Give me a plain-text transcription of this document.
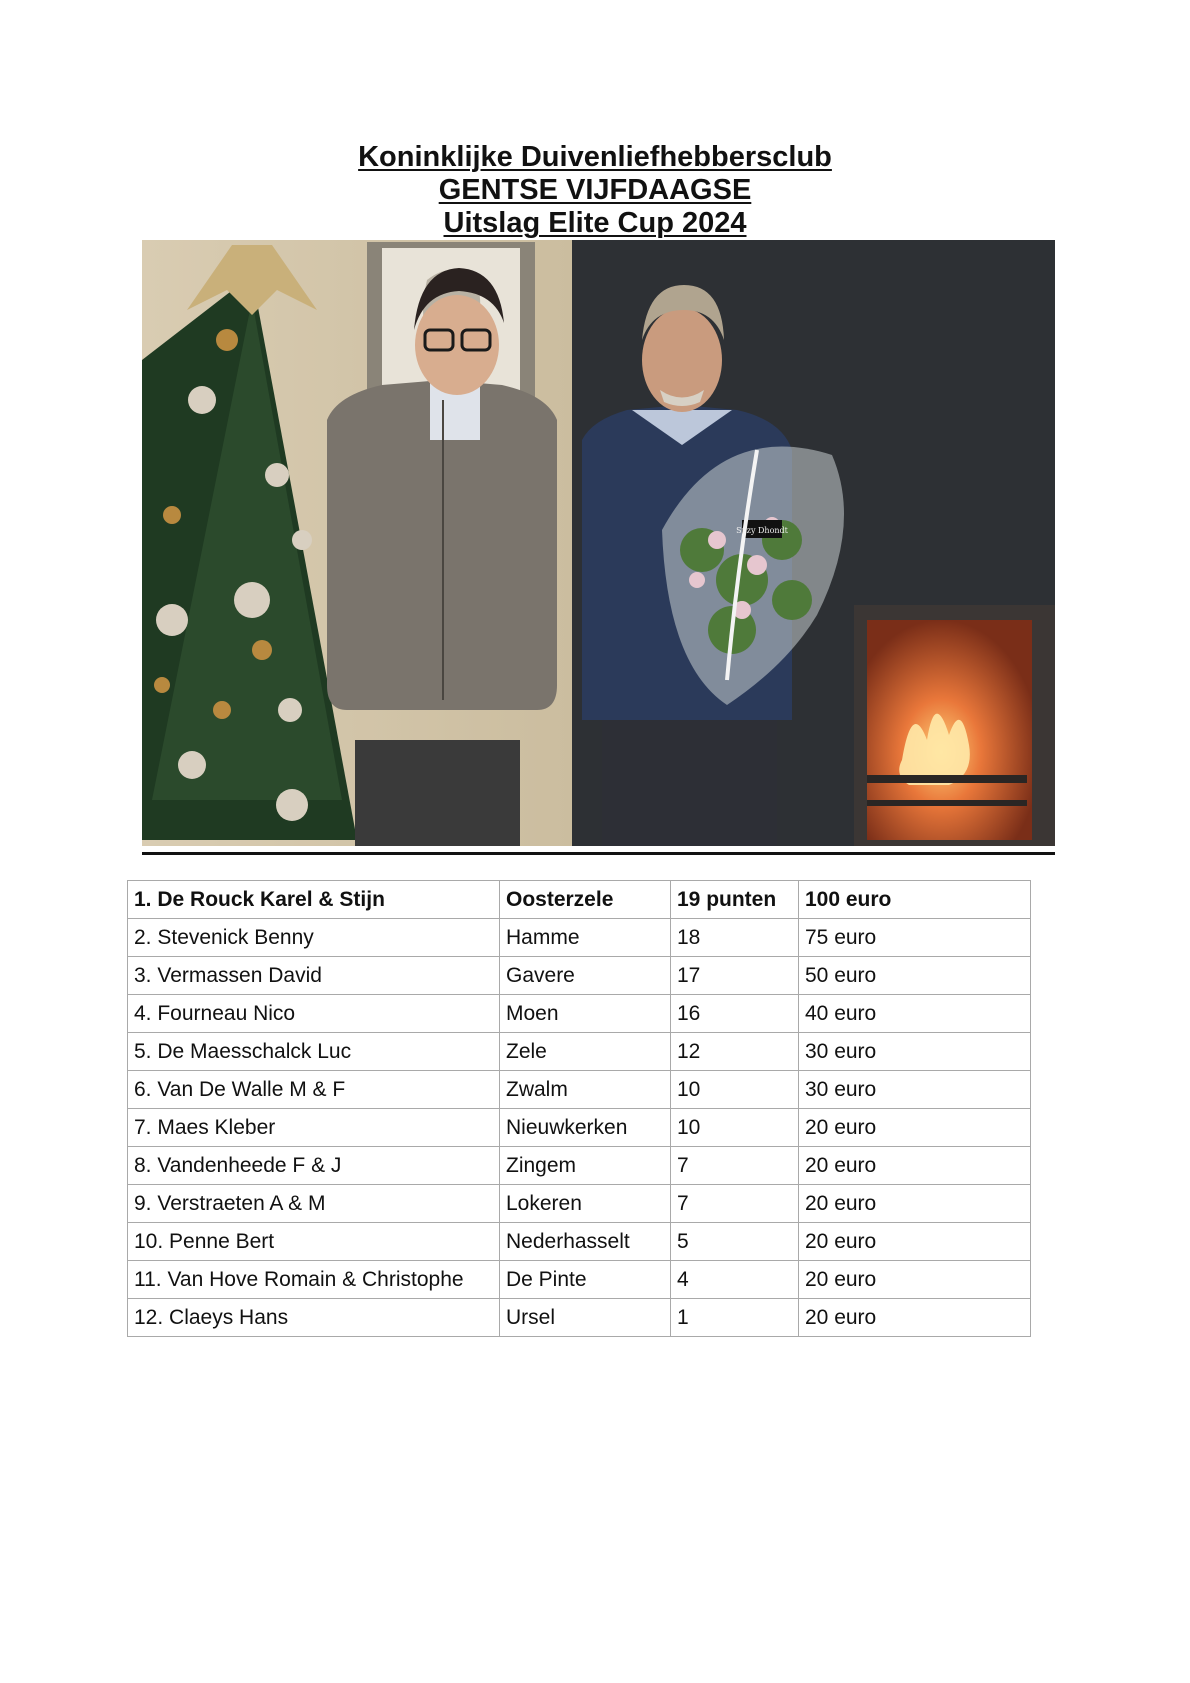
Koninklijke Duivenliefhebbersclub
GENTSE VIJFDAAGSE
Uitslag Elite Cup 2024
Suzy Dhondt
1. De Rouck Karel & Stijn	Oosterzele	19 punten	100 euro
2. Stevenick Benny	Hamme	18	75 euro
3. Vermassen David	Gavere	17	50 euro
4. Fourneau Nico	Moen	16	40 euro
5. De Maesschalck Luc	Zele	12	30 euro
6. Van De Walle M & F	Zwalm	10	30 euro
7. Maes Kleber	Nieuwkerken	10	20 euro
8. Vandenheede F & J	Zingem	7	20 euro
9. Verstraeten A & M	Lokeren	7	20 euro
10. Penne Bert	Nederhasselt	5	20 euro
11. Van Hove Romain & Christophe	De Pinte	4	20 euro
12. Claeys Hans	Ursel	1	20 euro
